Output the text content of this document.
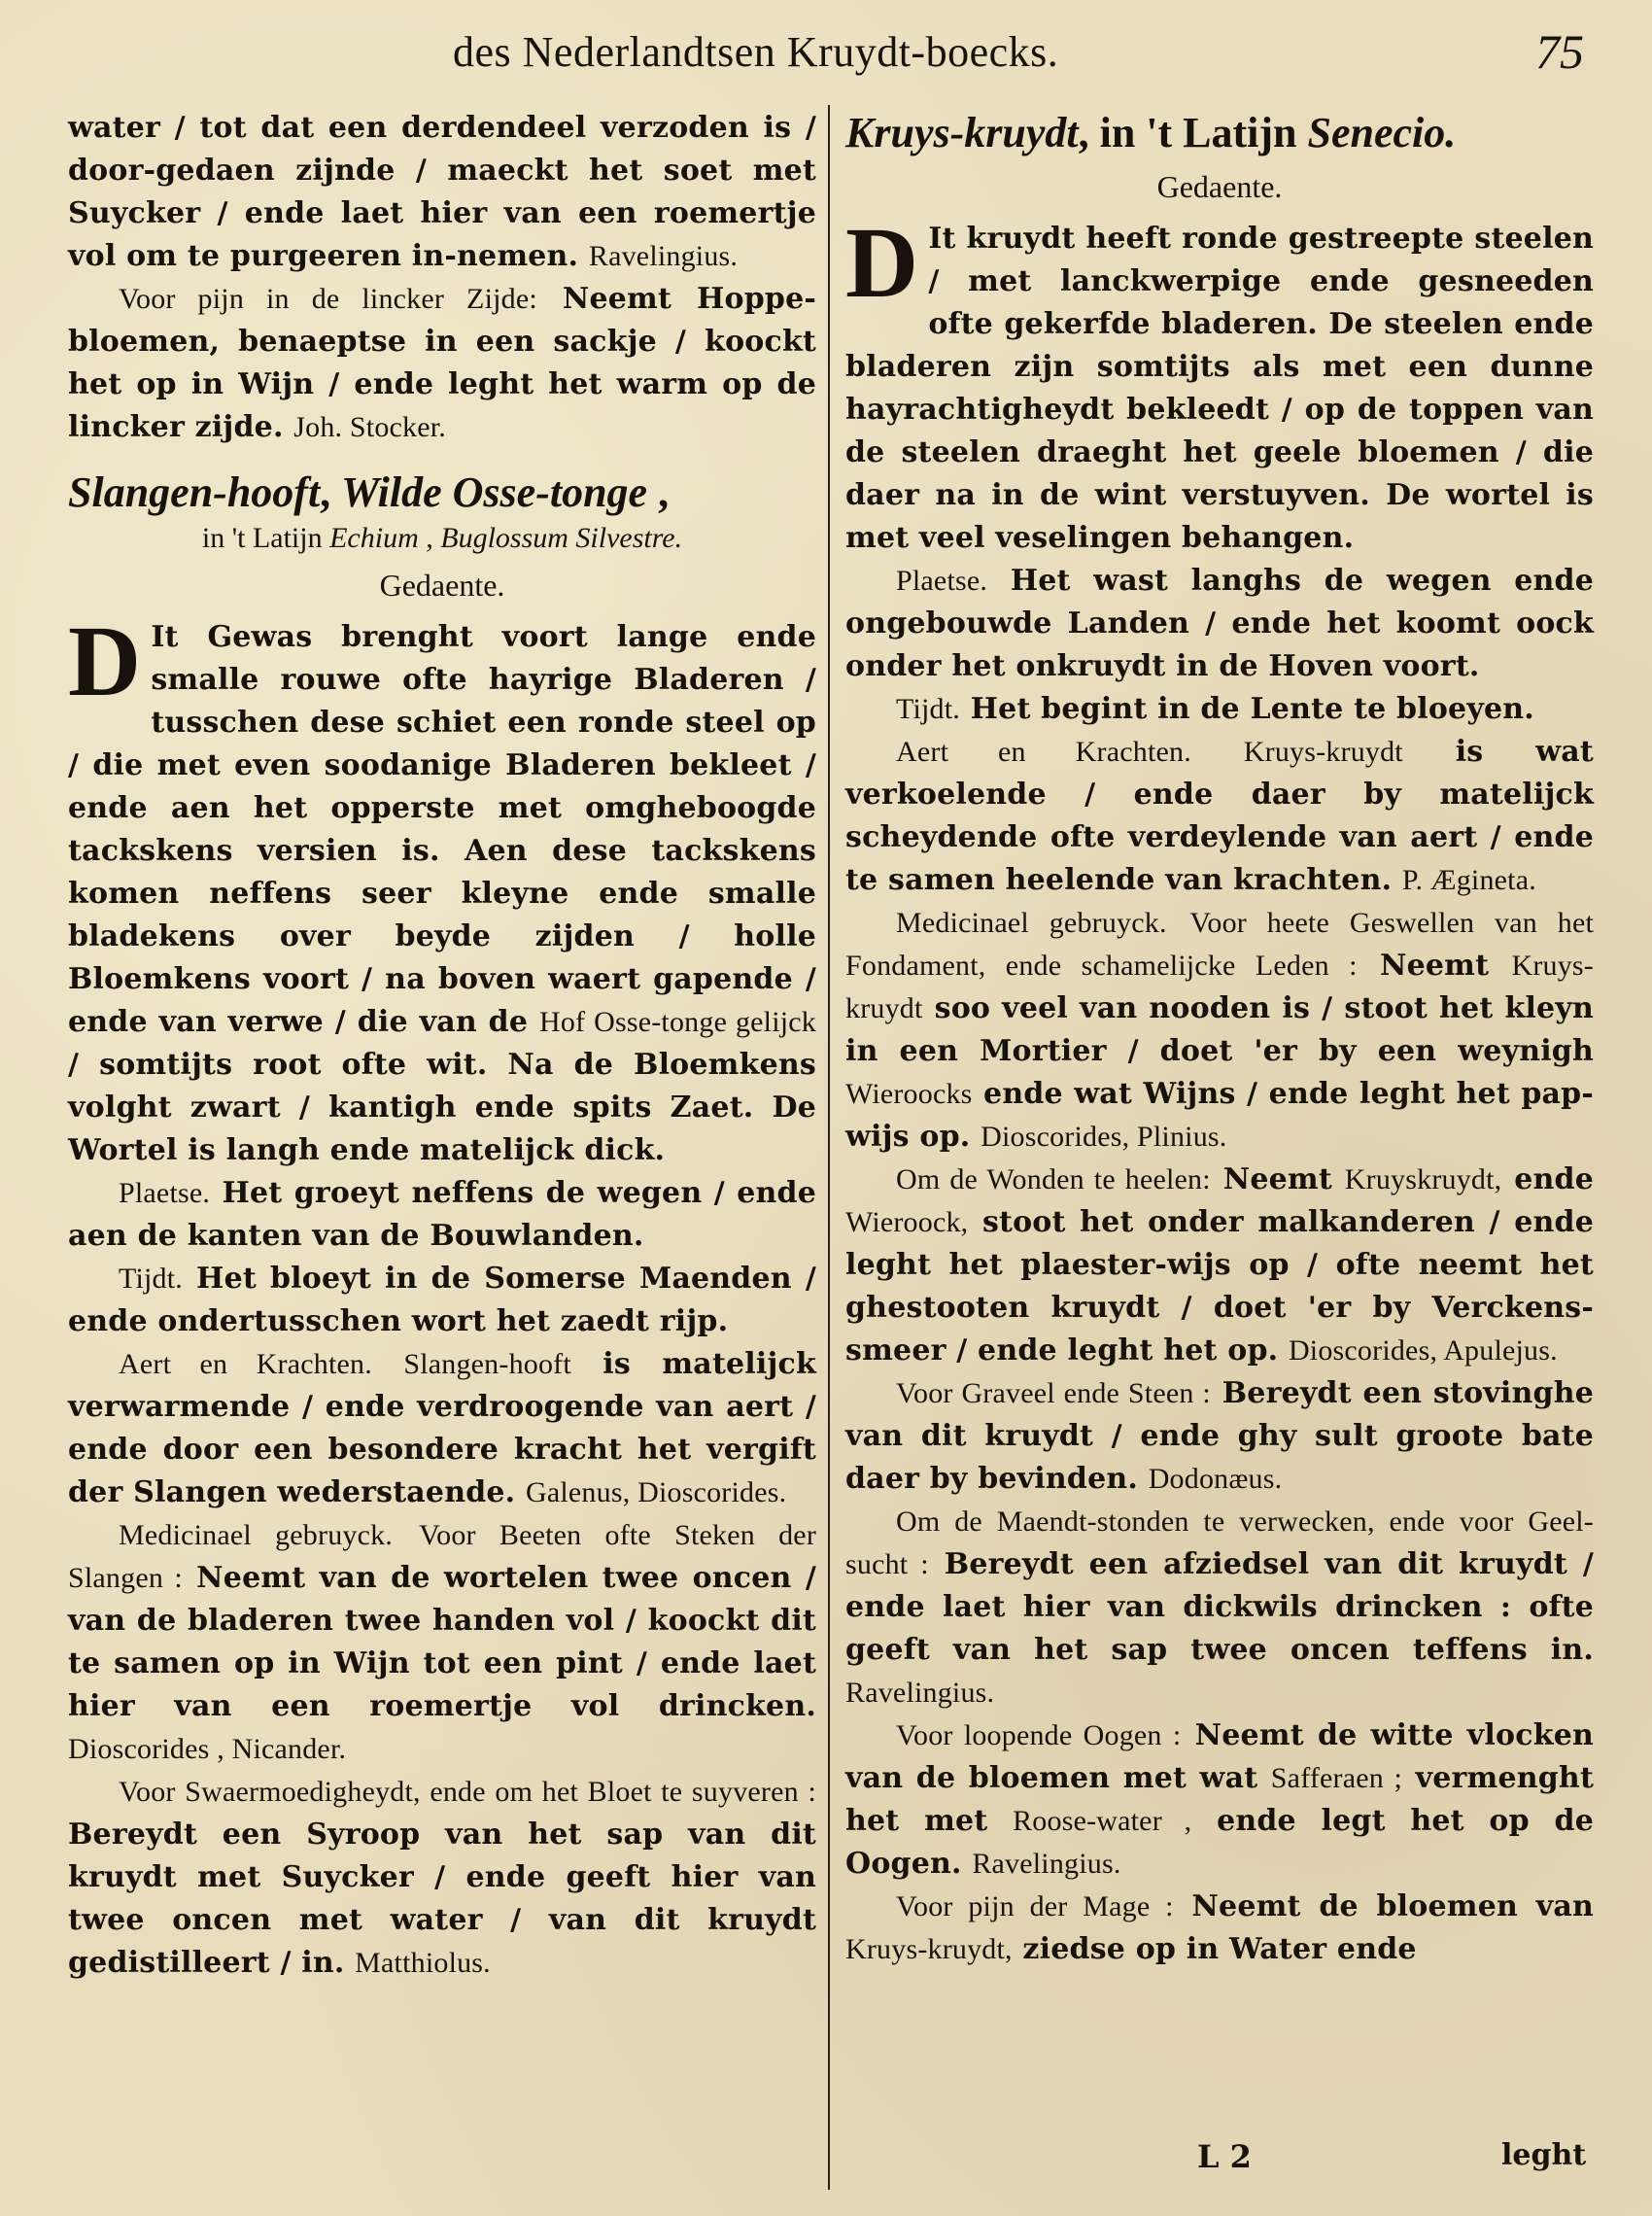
des Nederlandtsen Kruydt-boecks.	75

water / tot dat een derdendeel verzoden is / door-gedaen zijnde / maeckt het soet met Suycker / ende laet hier van een roemertje vol om te purgeeren in-nemen. Ravelingius.

Voor pijn in de lincker Zijde: Neemt Hoppe-bloemen, benaeptse in een sackje / koockt het op in Wijn / ende leght het warm op de lincker zijde. Joh. Stocker.

Slangen-hooft, Wilde Osse-tonge ,

in 't Latijn Echium , Buglossum Silvestre.

Gedaente.

D It Gewas brenght voort lange ende smalle rouwe ofte hayrige Bladeren / tusschen dese schiet een ronde steel op / die met even soodanige Bladeren bekleet / ende aen het opperste met omgheboogde tackskens versien is. Aen dese tackskens komen neffens seer kleyne ende smalle bladekens over beyde zijden / holle Bloemkens voort / na boven waert gapende / ende van verwe / die van de Hof Osse-tonge gelijck / somtijts root ofte wit. Na de Bloemkens volght zwart / kantigh ende spits Zaet. De Wortel is langh ende matelijck dick.

Plaetse. Het groeyt neffens de wegen / ende aen de kanten van de Bouwlanden.

Tijdt. Het bloeyt in de Somerse Maenden / ende ondertusschen wort het zaedt rijp.

Aert en Krachten. Slangen-hooft is matelijck verwarmende / ende verdroogende van aert / ende door een besondere kracht het vergift der Slangen wederstaende. Galenus, Dioscorides.

Medicinael gebruyck. Voor Beeten ofte Steken der Slangen : Neemt van de wortelen twee oncen / van de bladeren twee handen vol / koockt dit te samen op in Wijn tot een pint / ende laet hier van een roemertje vol drincken. Dioscorides , Nicander.

Voor Swaermoedigheydt, ende om het Bloet te suyveren : Bereydt een Syroop van het sap van dit kruydt met Suycker / ende geeft hier van twee oncen met water / van dit kruydt gedistilleert / in. Matthiolus.

Kruys-kruydt, in 't Latijn Senecio.

Gedaente.

D It kruydt heeft ronde gestreepte steelen / met lanckwerpige ende gesneeden ofte gekerfde bladeren. De steelen ende bladeren zijn somtijts als met een dunne hayrachtigheydt bekleedt / op de toppen van de steelen draeght het geele bloemen / die daer na in de wint verstuyven. De wortel is met veel veselingen behangen.

Plaetse. Het wast langhs de wegen ende ongebouwde Landen / ende het koomt oock onder het onkruydt in de Hoven voort.

Tijdt. Het begint in de Lente te bloeyen.

Aert en Krachten. Kruys-kruydt is wat verkoelende / ende daer by matelijck scheydende ofte verdeylende van aert / ende te samen heelende van krachten. P. Ægineta.

Medicinael gebruyck. Voor heete Geswellen van het Fondament, ende schamelijcke Leden : Neemt Kruys-kruydt soo veel van nooden is / stoot het kleyn in een Mortier / doet 'er by een weynigh Wieroocks ende wat Wijns / ende leght het pap-wijs op. Dioscorides, Plinius.

Om de Wonden te heelen: Neemt Kruyskruydt, ende Wieroock, stoot het onder malkanderen / ende leght het plaester-wijs op / ofte neemt het ghestooten kruydt / doet 'er by Verckens-smeer / ende leght het op. Dioscorides, Apulejus.

Voor Graveel ende Steen : Bereydt een stovinghe van dit kruydt / ende ghy sult groote bate daer by bevinden. Dodonæus.

Om de Maendt-stonden te verwecken, ende voor Geel-sucht : Bereydt een afziedsel van dit kruydt / ende laet hier van dickwils drincken : ofte geeft van het sap twee oncen teffens in. Ravelingius.

Voor loopende Oogen : Neemt de witte vlocken van de bloemen met wat Safferaen ; vermenght het met Roose-water , ende legt het op de Oogen. Ravelingius.

Voor pijn der Mage : Neemt de bloemen van Kruys-kruydt, ziedse op in Water ende

L 2	leght
